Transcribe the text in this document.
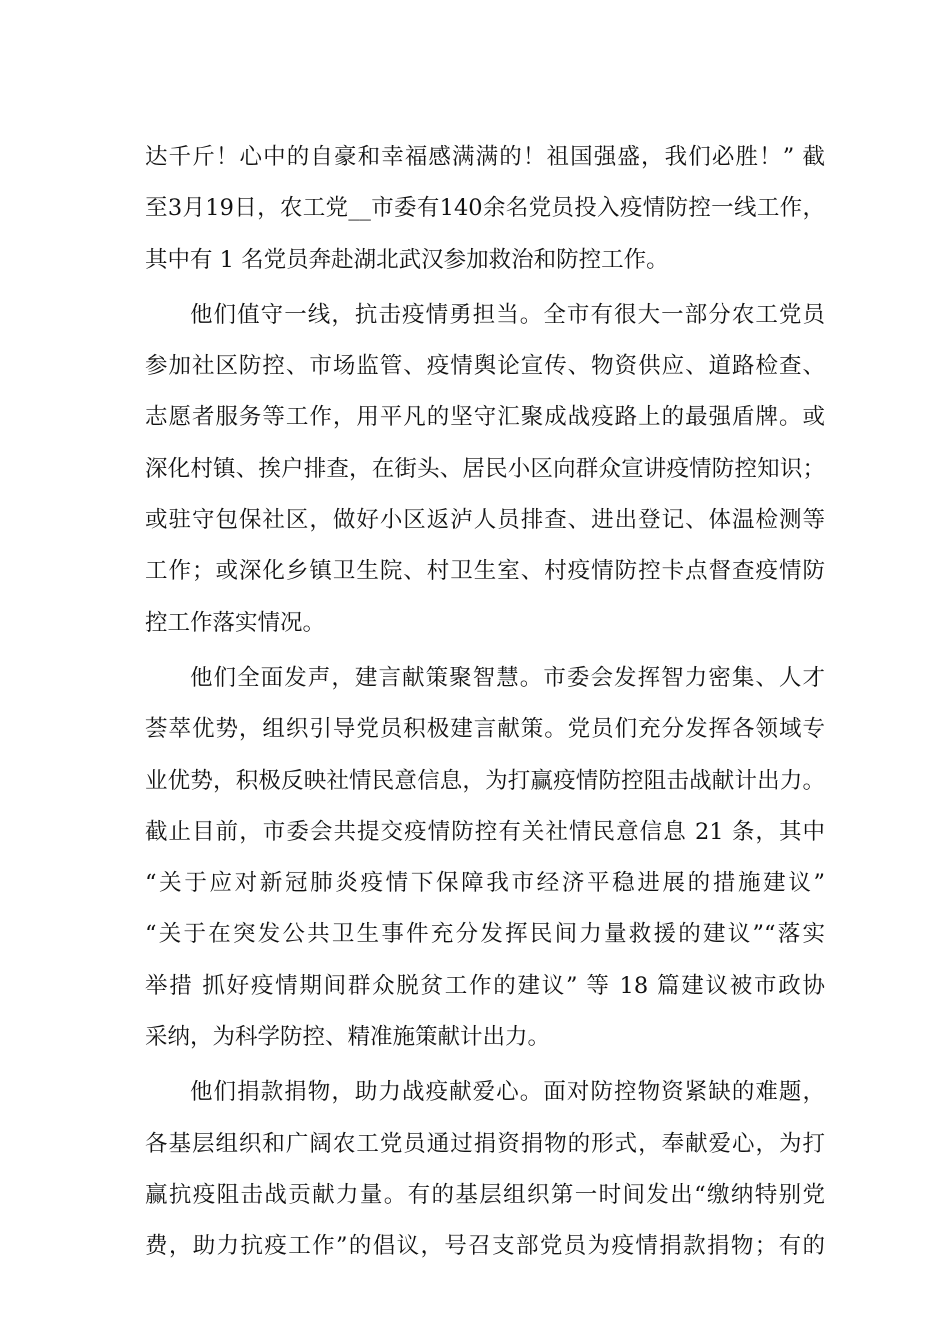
达千斤！心中的自豪和幸福感满满的！祖国强盛，我们必胜！” 截
至3月19日，农工党__市委有140余名党员投入疫情防控一线工作，
其中有 1 名党员奔赴湖北武汉参加救治和防控工作。
他们值守一线，抗击疫情勇担当。全市有很大一部分农工党员
参加社区防控、市场监管、疫情舆论宣传、物资供应、道路检查、
志愿者服务等工作，用平凡的坚守汇聚成战疫路上的最强盾牌。或
深化村镇、挨户排查，在街头、居民小区向群众宣讲疫情防控知识；
或驻守包保社区，做好小区返泸人员排查、进出登记、体温检测等
工作；或深化乡镇卫生院、村卫生室、村疫情防控卡点督查疫情防
控工作落实情况。
他们全面发声，建言献策聚智慧。市委会发挥智力密集、人才
荟萃优势，组织引导党员积极建言献策。党员们充分发挥各领域专
业优势，积极反映社情民意信息，为打赢疫情防控阻击战献计出力。
截止目前，市委会共提交疫情防控有关社情民意信息 21 条，其中
“关于应对新冠肺炎疫情下保障我市经济平稳进展的措施建议”
“关于在突发公共卫生事件充分发挥民间力量救援的建议”“落实
举措 抓好疫情期间群众脱贫工作的建议” 等 18 篇建议被市政协
采纳，为科学防控、精准施策献计出力。
他们捐款捐物，助力战疫献爱心。面对防控物资紧缺的难题，
各基层组织和广阔农工党员通过捐资捐物的形式，奉献爱心，为打
赢抗疫阻击战贡献力量。有的基层组织第一时间发出“缴纳特别党
费，助力抗疫工作”的倡议，号召支部党员为疫情捐款捐物；有的
